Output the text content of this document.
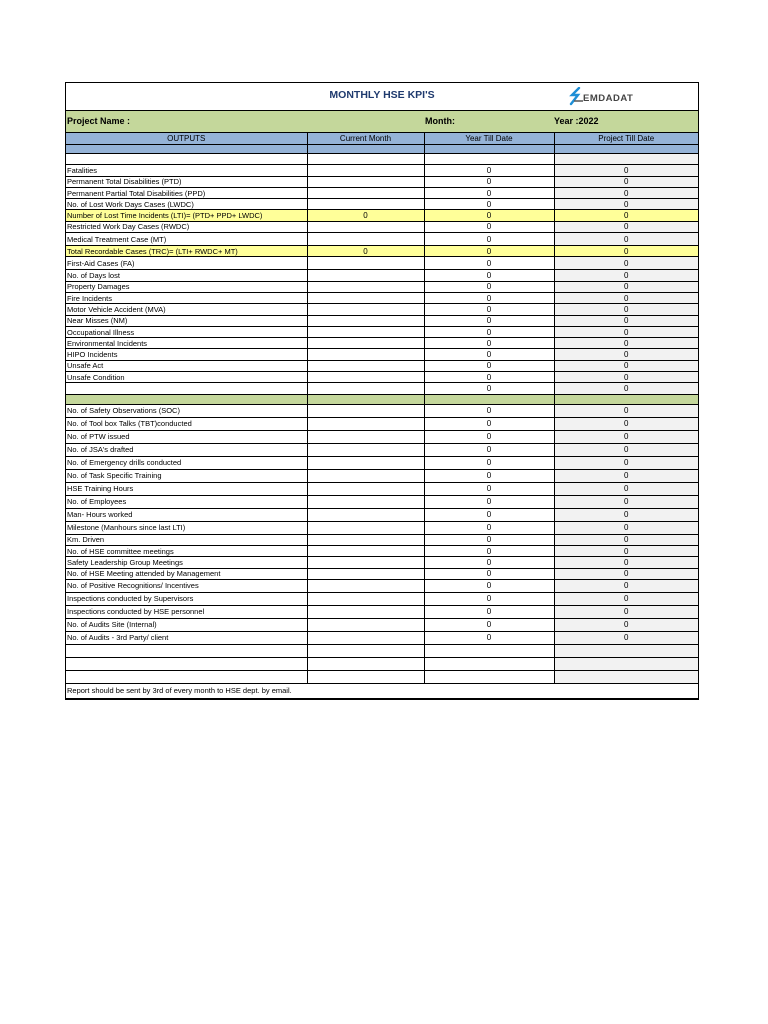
MONTHLY HSE KPI'S	EMDADAT
Project Name :	Month:	Year :2022
OUTPUTS	Current Month	Year Till Date	Project Till Date

Fatalities		0	0
Permanent Total Disabilities (PTD)		0	0
Permanent Partial Total Disabilities (PPD)		0	0
No. of Lost Work Days Cases (LWDC)		0	0
Number of Lost Time Incidents (LTI)= (PTD+ PPD+ LWDC)	0	0	0
Restricted Work Day Cases (RWDC)		0	0
Medical Treatment Case (MT)		0	0
Total Recordable Cases (TRC)= (LTI+ RWDC+ MT)	0	0	0
First-Aid Cases (FA)		0	0
No. of Days lost		0	0
Property Damages		0	0
Fire Incidents		0	0
Motor Vehicle Accident (MVA)		0	0
Near Misses (NM)		0	0
Occupational Illness		0	0
Environmental Incidents		0	0
HIPO Incidents		0	0
Unsafe Act		0	0
Unsafe Condition		0	0
		0	0

No. of Safety Observations (SOC)		0	0
No. of Tool box Talks (TBT)conducted		0	0
No. of PTW issued		0	0
No. of JSA's drafted		0	0
No. of Emergency drills conducted		0	0
No. of Task Specific Training		0	0
HSE Training Hours		0	0
No. of Employees		0	0
Man- Hours worked		0	0
Milestone (Manhours since last LTI)		0	0
Km. Driven		0	0
No. of HSE committee meetings		0	0
Safety Leadership Group Meetings		0	0
No. of HSE Meeting attended by Management		0	0
No. of Positive Recognitions/ Incentives		0	0
Inspections conducted by Supervisors		0	0
Inspections conducted by HSE personnel		0	0
No. of Audits Site (Internal)		0	0
No. of Audits - 3rd Party/ client		0	0

Report should be sent by 3rd of every month to HSE dept. by email.			
